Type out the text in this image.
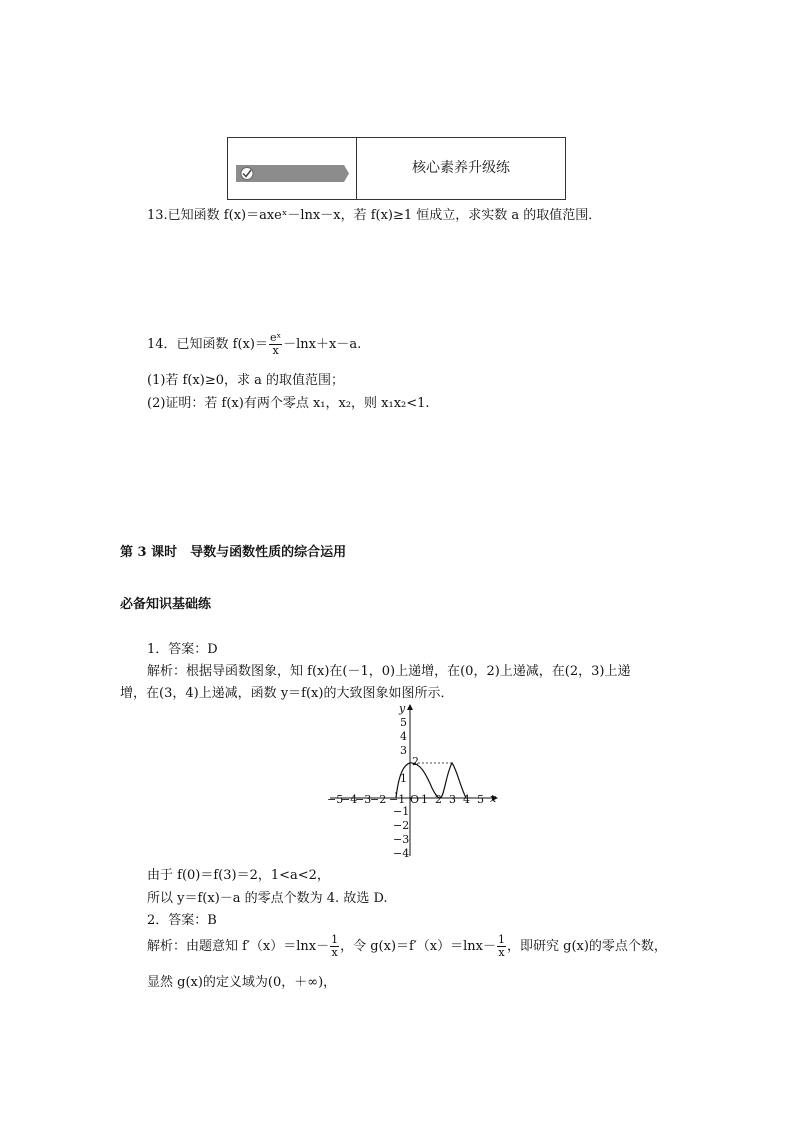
核心素养升级练
13.已知函数 f(x)＝axeˣ－lnx－x，若 f(x)≥1 恒成立，求实数 a 的取值范围．
14．已知函数 $f(x)= \frac{\text{eˣ}}{x} -\ln x+x-a$.
(1)若 f(x)≥0，求 a 的取值范围；
(2)证明：若 f(x)有两个零点 x₁，x₂，则 x₁x₂<1.
第 3 课时　导数与函数性质的综合运用
必备知识基础练
1．答案：D
解析：根据导函数图象，知 f(x)在(－1，0)上递增，在(0，2)上递减，在(2，3)上递
增，在(3，4)上递减，函数 y＝f(x)的大致图象如图所示．
x
y
−5
−4
−3
−2 −1 O 1 2 3 4 5
1
3
4
5
−1
−2
−3
−4
2
由于 f(0)＝f(3)＝2，1<a<2，
所以 y＝f(x)－a 的零点个数为 4. 故选 D.
2．答案：B
解析：由题意知 $f'(x)=\ln x- \frac{1}{x}$ ，令 $g(x)=f'(x)=\ln x- \frac{1}{x}$ ，即研究 g(x)的零点个数，
显然 g(x)的定义域为(0，＋∞)，
